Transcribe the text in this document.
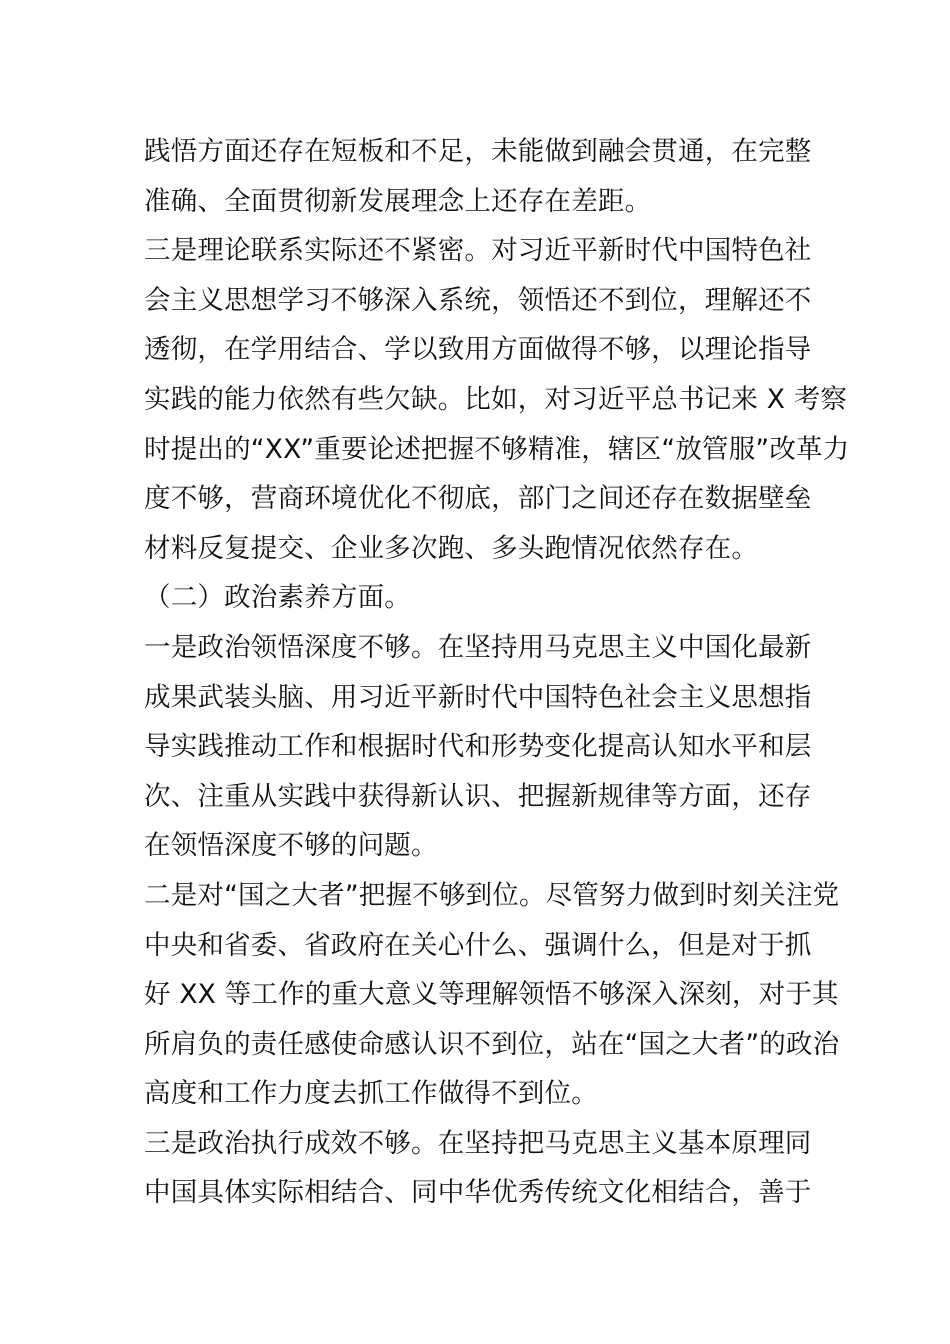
践悟方面还存在短板和不足，未能做到融会贯通，在完整
准确、全面贯彻新发展理念上还存在差距。
三是理论联系实际还不紧密。对习近平新时代中国特色社
会主义思想学习不够深入系统，领悟还不到位，理解还不
透彻，在学用结合、学以致用方面做得不够，以理论指导
实践的能力依然有些欠缺。比如，对习近平总书记来 X 考察
时提出的“XX”重要论述把握不够精准，辖区“放管服”改革力
度不够，营商环境优化不彻底，部门之间还存在数据壁垒
材料反复提交、企业多次跑、多头跑情况依然存在。
（二）政治素养方面。
一是政治领悟深度不够。在坚持用马克思主义中国化最新
成果武装头脑、用习近平新时代中国特色社会主义思想指
导实践推动工作和根据时代和形势变化提高认知水平和层
次、注重从实践中获得新认识、把握新规律等方面，还存
在领悟深度不够的问题。
二是对“国之大者”把握不够到位。尽管努力做到时刻关注党
中央和省委、省政府在关心什么、强调什么，但是对于抓
好 XX 等工作的重大意义等理解领悟不够深入深刻，对于其
所肩负的责任感使命感认识不到位，站在“国之大者”的政治
高度和工作力度去抓工作做得不到位。
三是政治执行成效不够。在坚持把马克思主义基本原理同
中国具体实际相结合、同中华优秀传统文化相结合，善于
